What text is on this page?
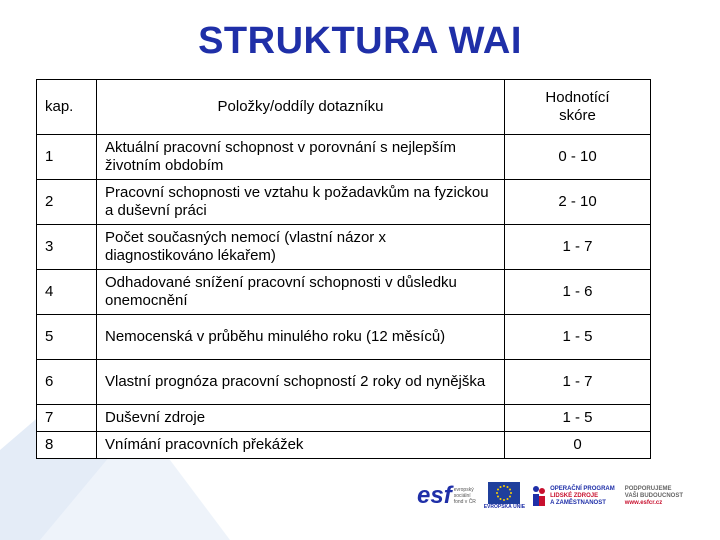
STRUKTURA WAI
kap.	Položky/oddíly dotazníku	Hodnotící
skóre

1	Aktuální pracovní schopnost v porovnání s nejlepším životním obdobím	0 - 10
2	Pracovní schopnosti ve vztahu k požadavkům na fyzickou a duševní práci	2 - 10
3	Počet současných nemocí (vlastní názor x diagnostikováno lékařem)	1 - 7
4	Odhadované snížení pracovní schopnosti v důsledku onemocnění	1 - 6
5	Nemocenská v průběhu minulého roku (12 měsíců)	1 - 5
6	Vlastní prognóza pracovní schopností 2 roky od nynějška	1 - 7
7	Duševní zdroje	1 - 5
8	Vnímání pracovních překážek	0
esf evropský sociální fond v ČR
EVROPSKÁ UNIE
OPERAČNÍ PROGRAM
LIDSKÉ ZDROJE
A ZAMĚSTNANOST
PODPORUJEME
VAŠI BUDOUCNOST
www.esfcr.cz
